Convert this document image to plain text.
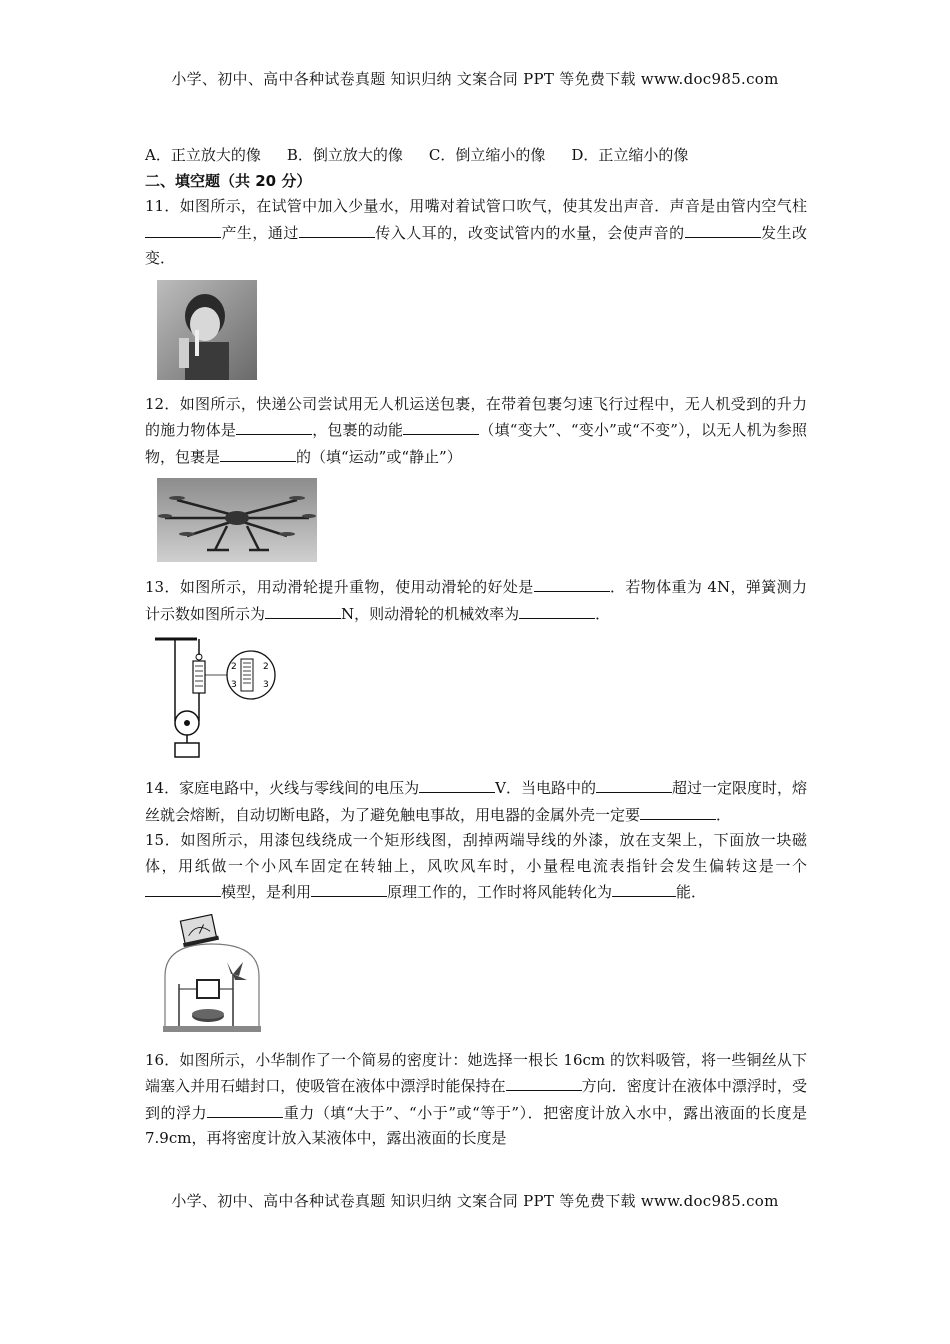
小学、初中、高中各种试卷真题 知识归纳 文案合同 PPT 等免费下载 www.doc985.com
A．正立放大的像 B．倒立放大的像 C．倒立缩小的像 D．正立缩小的像
二、填空题（共 20 分）

11．如图所示，在试管中加入少量水，用嘴对着试管口吹气，使其发出声音．声音是由管内空气柱产生，通过	传入人耳的，改变试管内的水量，会使声音的	发生改变．

12．如图所示，快递公司尝试用无人机运送包裹，在带着包裹匀速飞行过程中，无人机受到的升力的施力物体是	，包裹的动能	（填“变大”、“变小”或“不变”），以无人机为参照物，包裹是	的（填“运动”或“静止”）

13．如图所示，用动滑轮提升重物，使用动滑轮的好处是	．若物体重为 4N，弹簧测力计示数如图所示为	N，则动滑轮的机械效率为	．

2
3
2
3

14．家庭电路中，火线与零线间的电压为	V．当电路中的	超过一定限度时，熔丝就会熔断，自动切断电路，为了避免触电事故，用电器的金属外壳一定要	．

15．如图所示，用漆包线绕成一个矩形线图，刮掉两端导线的外漆，放在支架上，下面放一块磁体，用纸做一个小风车固定在转轴上，风吹风车时，小量程电流表指针会发生偏转这是一个模型，是利用	原理工作的，工作时将风能转化为	能．

16．如图所示，小华制作了一个简易的密度计：她选择一根长 16cm 的饮料吸管，将一些铜丝从下端塞入并用石蜡封口，使吸管在液体中漂浮时能保持在	方向．密度计在液体中漂浮时，受到的浮力	重力（填“大于”、“小于”或“等于”）．把密度计放入水中，露出液面的长度是 7.9cm，再将密度计放入某液体中，露出液面的长度是

小学、初中、高中各种试卷真题 知识归纳 文案合同 PPT 等免费下载 www.doc985.com
